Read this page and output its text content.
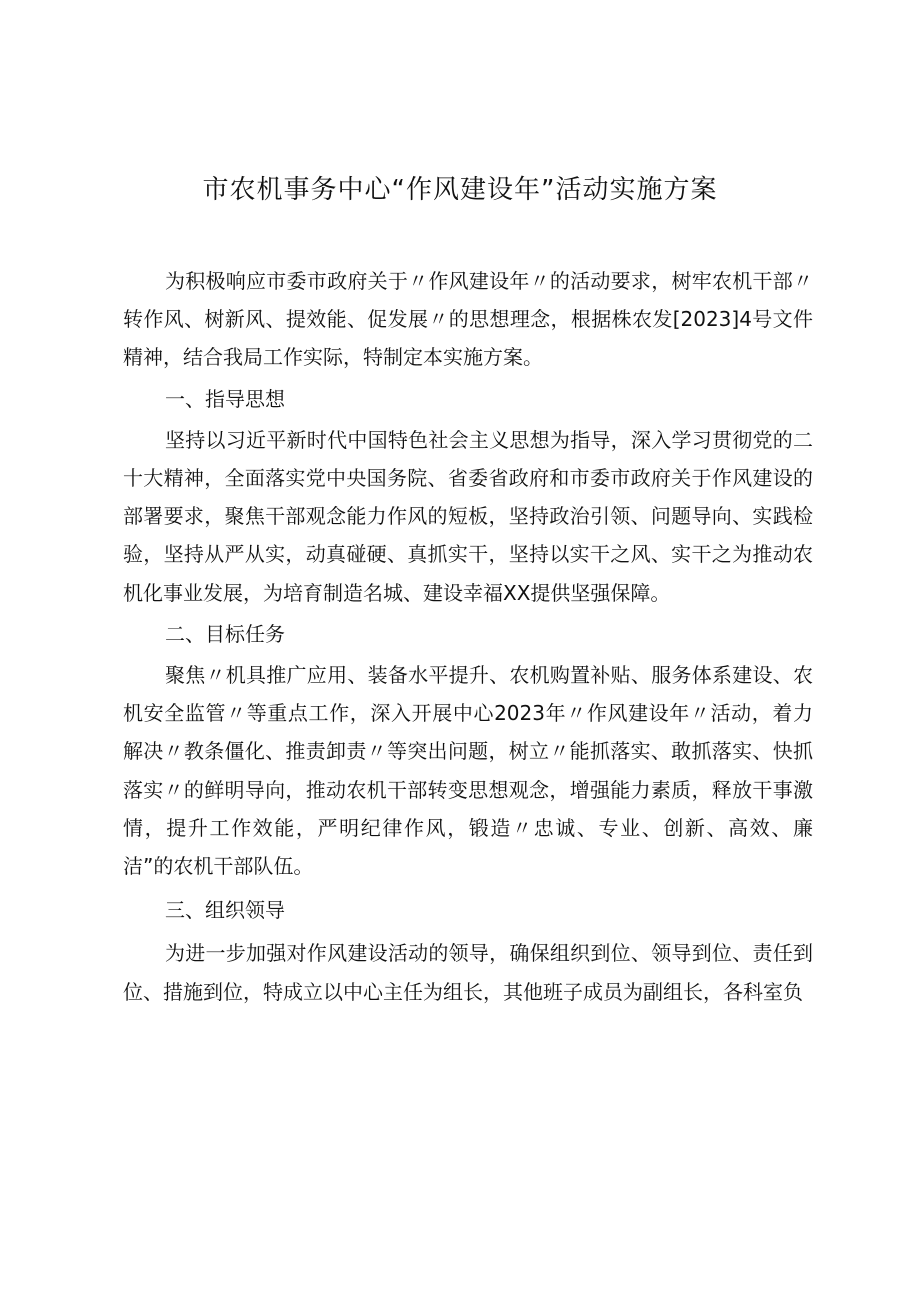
市农机事务中心“作风建设年”活动实施方案

为积极响应市委市政府关于〃作风建设年〃的活动要求，树牢农机干部〃转作风、树新风、提效能、促发展〃的思想理念，根据株农发[2023]4号文件精神，结合我局工作实际，特制定本实施方案。

一、指导思想

坚持以习近平新时代中国特色社会主义思想为指导，深入学习贯彻党的二十大精神，全面落实党中央国务院、省委省政府和市委市政府关于作风建设的部署要求，聚焦干部观念能力作风的短板，坚持政治引领、问题导向、实践检验，坚持从严从实，动真碰硬、真抓实干，坚持以实干之风、实干之为推动农机化事业发展，为培育制造名城、建设幸福XX提供坚强保障。

二、目标任务

聚焦〃机具推广应用、装备水平提升、农机购置补贴、服务体系建设、农机安全监管〃等重点工作，深入开展中心2023年〃作风建设年〃活动，着力解决〃教条僵化、推责卸责〃等突出问题，树立〃能抓落实、敢抓落实、快抓落实〃的鲜明导向，推动农机干部转变思想观念，增强能力素质，释放干事激情，提升工作效能，严明纪律作风，锻造〃忠诚、专业、创新、高效、廉洁”的农机干部队伍。

三、组织领导

为进一步加强对作风建设活动的领导，确保组织到位、领导到位、责任到位、措施到位，特成立以中心主任为组长，其他班子成员为副组长，各科室负
